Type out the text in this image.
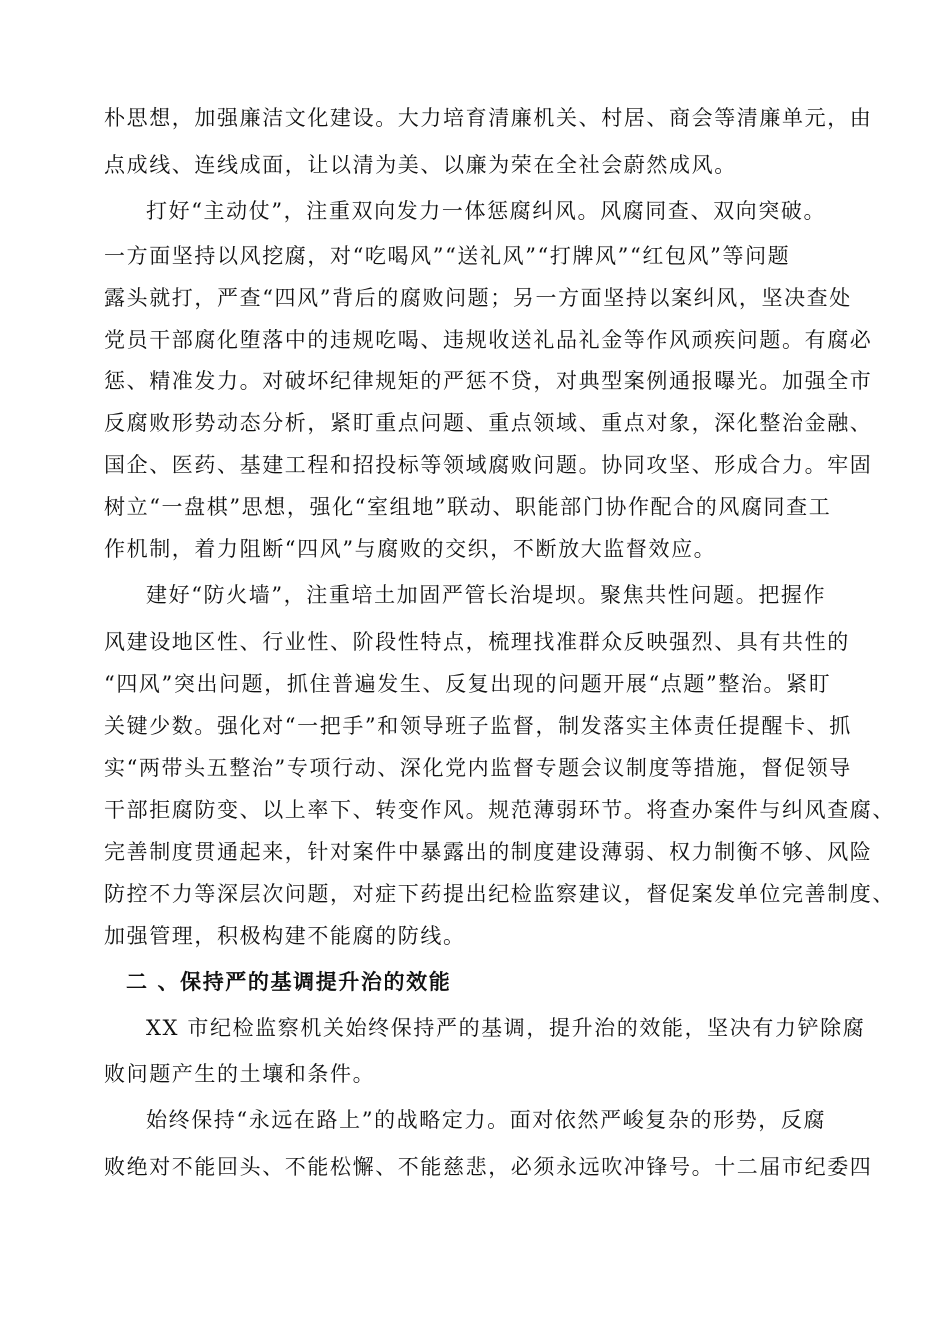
朴思想，加强廉洁文化建设。大力培育清廉机关、村居、商会等清廉单元，由
点成线、连线成面，让以清为美、以廉为荣在全社会蔚然成风。
打好“主动仗”，注重双向发力一体惩腐纠风。风腐同查、双向突破。
一方面坚持以风挖腐，对“吃喝风”“送礼风”“打牌风”“红包风”等问题
露头就打，严查“四风”背后的腐败问题；另一方面坚持以案纠风，坚决查处
党员干部腐化堕落中的违规吃喝、违规收送礼品礼金等作风顽疾问题。有腐必
惩、精准发力。对破坏纪律规矩的严惩不贷，对典型案例通报曝光。加强全市
反腐败形势动态分析，紧盯重点问题、重点领域、重点对象，深化整治金融、
国企、医药、基建工程和招投标等领域腐败问题。协同攻坚、形成合力。牢固
树立“一盘棋”思想，强化“室组地”联动、职能部门协作配合的风腐同查工
作机制，着力阻断“四风”与腐败的交织，不断放大监督效应。
建好“防火墙”，注重培土加固严管长治堤坝。聚焦共性问题。把握作
风建设地区性、行业性、阶段性特点，梳理找准群众反映强烈、具有共性的
“四风”突出问题，抓住普遍发生、反复出现的问题开展“点题”整治。紧盯
关键少数。强化对“一把手”和领导班子监督，制发落实主体责任提醒卡、抓
实“两带头五整治”专项行动、深化党内监督专题会议制度等措施，督促领导
干部拒腐防变、以上率下、转变作风。规范薄弱环节。将查办案件与纠风查腐、
完善制度贯通起来，针对案件中暴露出的制度建设薄弱、权力制衡不够、风险
防控不力等深层次问题，对症下药提出纪检监察建议，督促案发单位完善制度、
加强管理，积极构建不能腐的防线。
二 、保持严的基调提升治的效能
XX 市纪检监察机关始终保持严的基调，提升治的效能，坚决有力铲除腐
败问题产生的土壤和条件。
始终保持“永远在路上”的战略定力。面对依然严峻复杂的形势，反腐
败绝对不能回头、不能松懈、不能慈悲，必须永远吹冲锋号。十二届市纪委四
